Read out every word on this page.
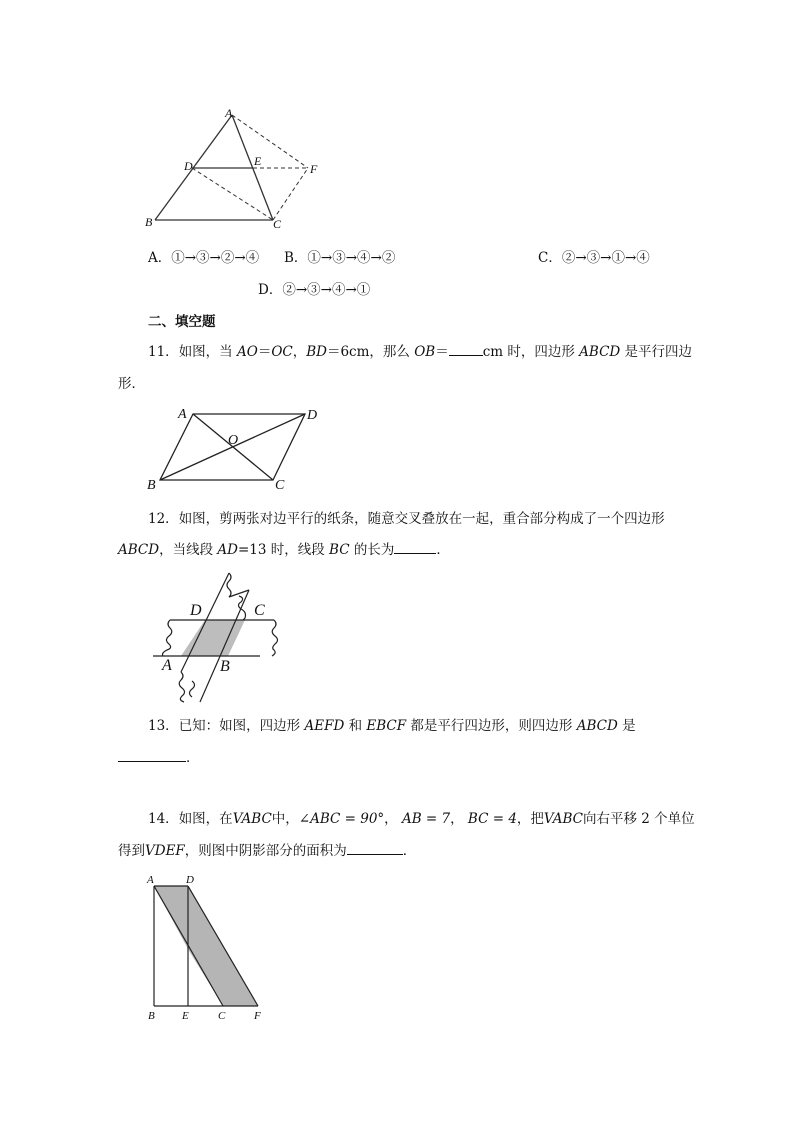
A
D	E
F
B	C
A．①→③→②→④ B．①→③→④→②	C．②→③→①→④
D．②→③→④→①
二、填空题
11．如图，当 AO＝OC，BD＝6cm，那么 OB＝	cm 时，四边形 ABCD 是平行四边
形．
A	D
O
B	C
12．如图，剪两张对边平行的纸条，随意交叉叠放在一起，重合部分构成了一个四边形
ABCD，当线段 AD=13 时，线段 BC 的长为	．
D	C
A	B
13．已知：如图，四边形 AEFD 和 EBCF 都是平行四边形，则四边形 ABCD 是
．
14．如图，在VABC中，∠ABC = 90°， AB = 7， BC = 4，把VABC向右平移 2 个单位
得到VDEF，则图中阴影部分的面积为	．
A	D
B E	C	F
